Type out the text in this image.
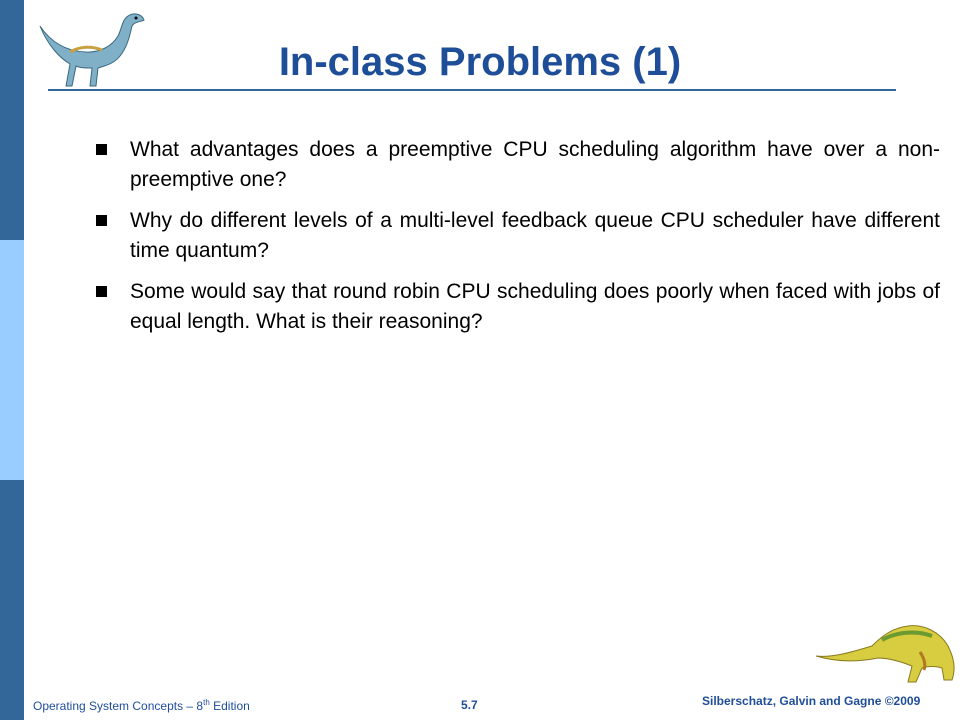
In-class Problems (1)
What advantages does a preemptive CPU scheduling algorithm have over a non-preemptive one?
Why do different levels of a multi-level feedback queue CPU scheduler have different time quantum?
Some would say that round robin CPU scheduling does poorly when faced with jobs of equal length. What is their reasoning?
Operating System Concepts – 8th Edition	5.7	Silberschatz, Galvin and Gagne ©2009
